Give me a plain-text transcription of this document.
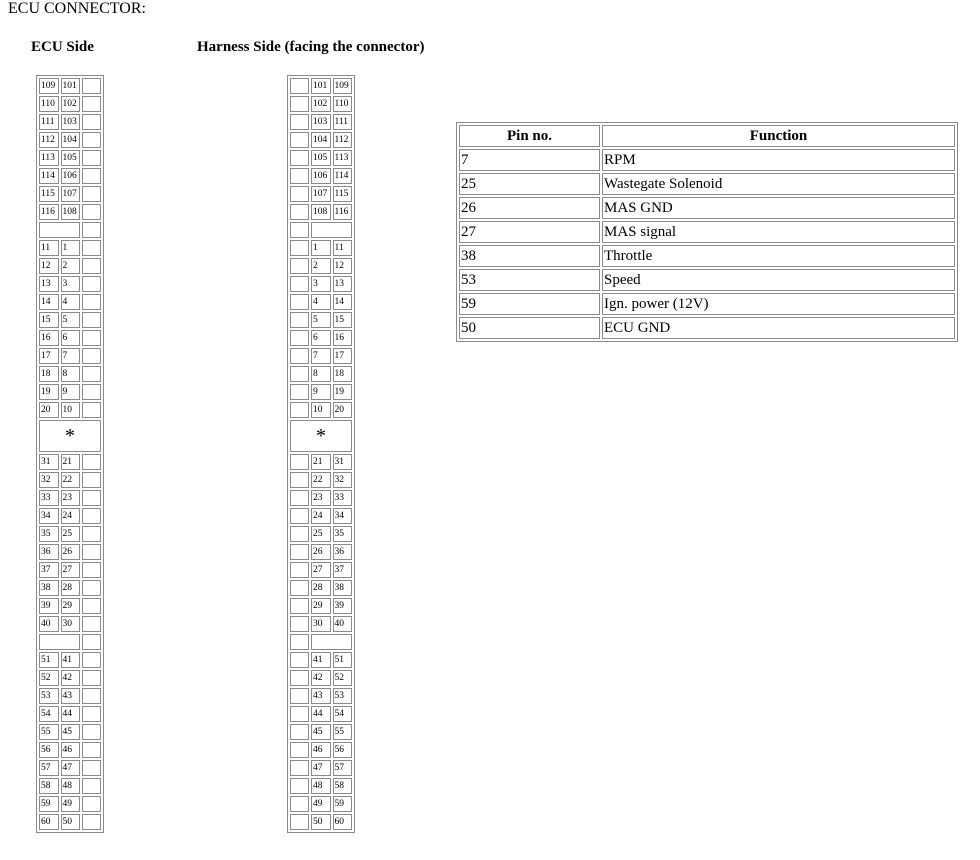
ECU CONNECTOR:
ECU Side	Harness Side (facing the connector)
109	101	
110	102	
111	103	
112	104	
113	105	
114	106	
115	107	
116	108	

11	1	
12	2	
13	3	
14	4	
15	5	
16	6	
17	7	
18	8	
19	9	
20	10	
*		
31	21	
32	22	
33	23	
34	24	
35	25	
36	26	
37	27	
38	28	
39	29	
40	30	

51	41	
52	42	
53	43	
54	44	
55	45	
56	46	
57	47	
58	48	
59	49	
60	50	
	101	109
	102	110
	103	111
	104	112
	105	113
	106	114
	107	115
	108	116

	1	11
	2	12
	3	13
	4	14
	5	15
	6	16
	7	17
	8	18
	9	19
	10	20
*		
	21	31
	22	32
	23	33
	24	34
	25	35
	26	36
	27	37
	28	38
	29	39
	30	40

	41	51
	42	52
	43	53
	44	54
	45	55
	46	56
	47	57
	48	58
	49	59
	50	60
Pin no.	Function
7	RPM
25	Wastegate Solenoid
26	MAS GND
27	MAS signal
38	Throttle
53	Speed
59	Ign. power (12V)
50	ECU GND
